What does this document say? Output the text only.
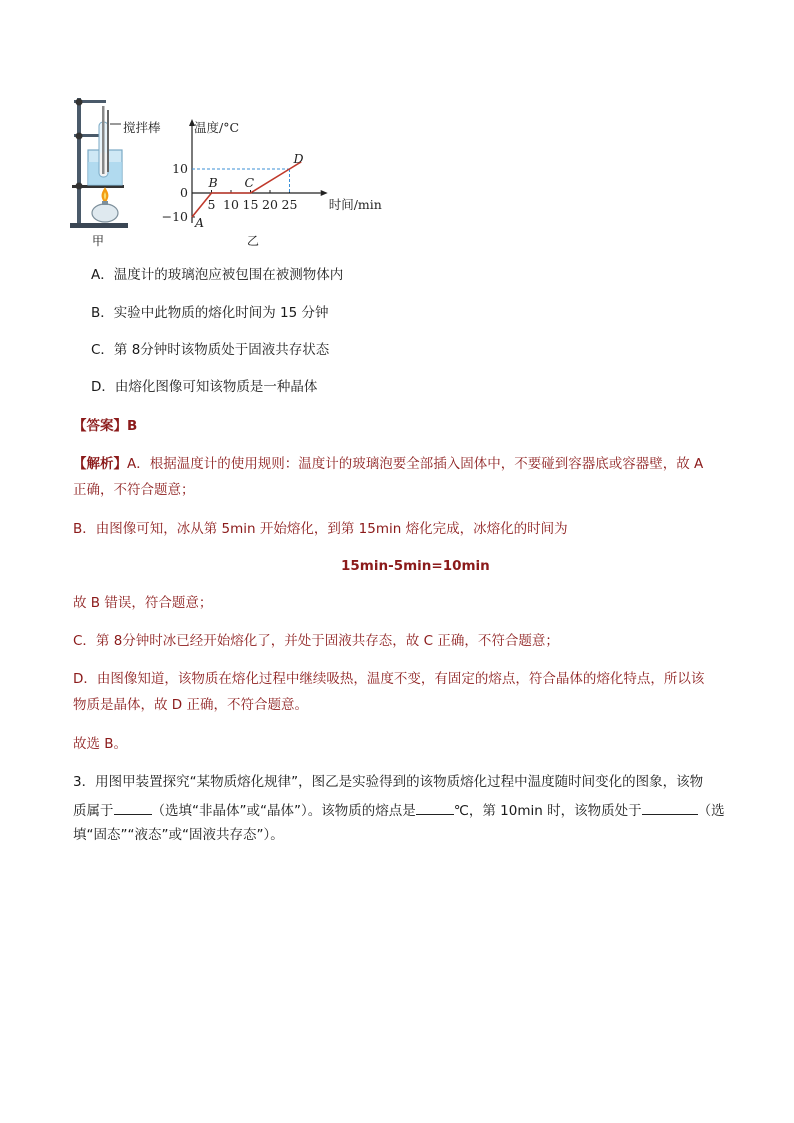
搅拌棒
甲
温度/°C
时间/min
5 10 15 20 25
10
0
−10 A
B C
D
乙
A．温度计的玻璃泡应被包围在被测物体内
B．实验中此物质的熔化时间为 15 分钟
C．第 8分钟时该物质处于固液共存状态
D．由熔化图像可知该物质是一种晶体
【答案】B
【解析】A．根据温度计的使用规则：温度计的玻璃泡要全部插入固体中，不要碰到容器底或容器壁，故 A
正确，不符合题意；
B．由图像可知，冰从第 5min 开始熔化，到第 15min 熔化完成，冰熔化的时间为
15min-5min=10min
故 B 错误，符合题意；
C．第 8分钟时冰已经开始熔化了，并处于固液共存态，故 C 正确，不符合题意；
D．由图像知道，该物质在熔化过程中继续吸热，温度不变，有固定的熔点，符合晶体的熔化特点，所以该
物质是晶体，故 D 正确，不符合题意。
故选 B。
3．用图甲装置探究“某物质熔化规律”，图乙是实验得到的该物质熔化过程中温度随时间变化的图象，该物
质属于	（选填“非晶体”或“晶体”）。该物质的熔点是	℃，第 10min 时，该物质处于	（选
填“固态”“液态”或“固液共存态”）。
